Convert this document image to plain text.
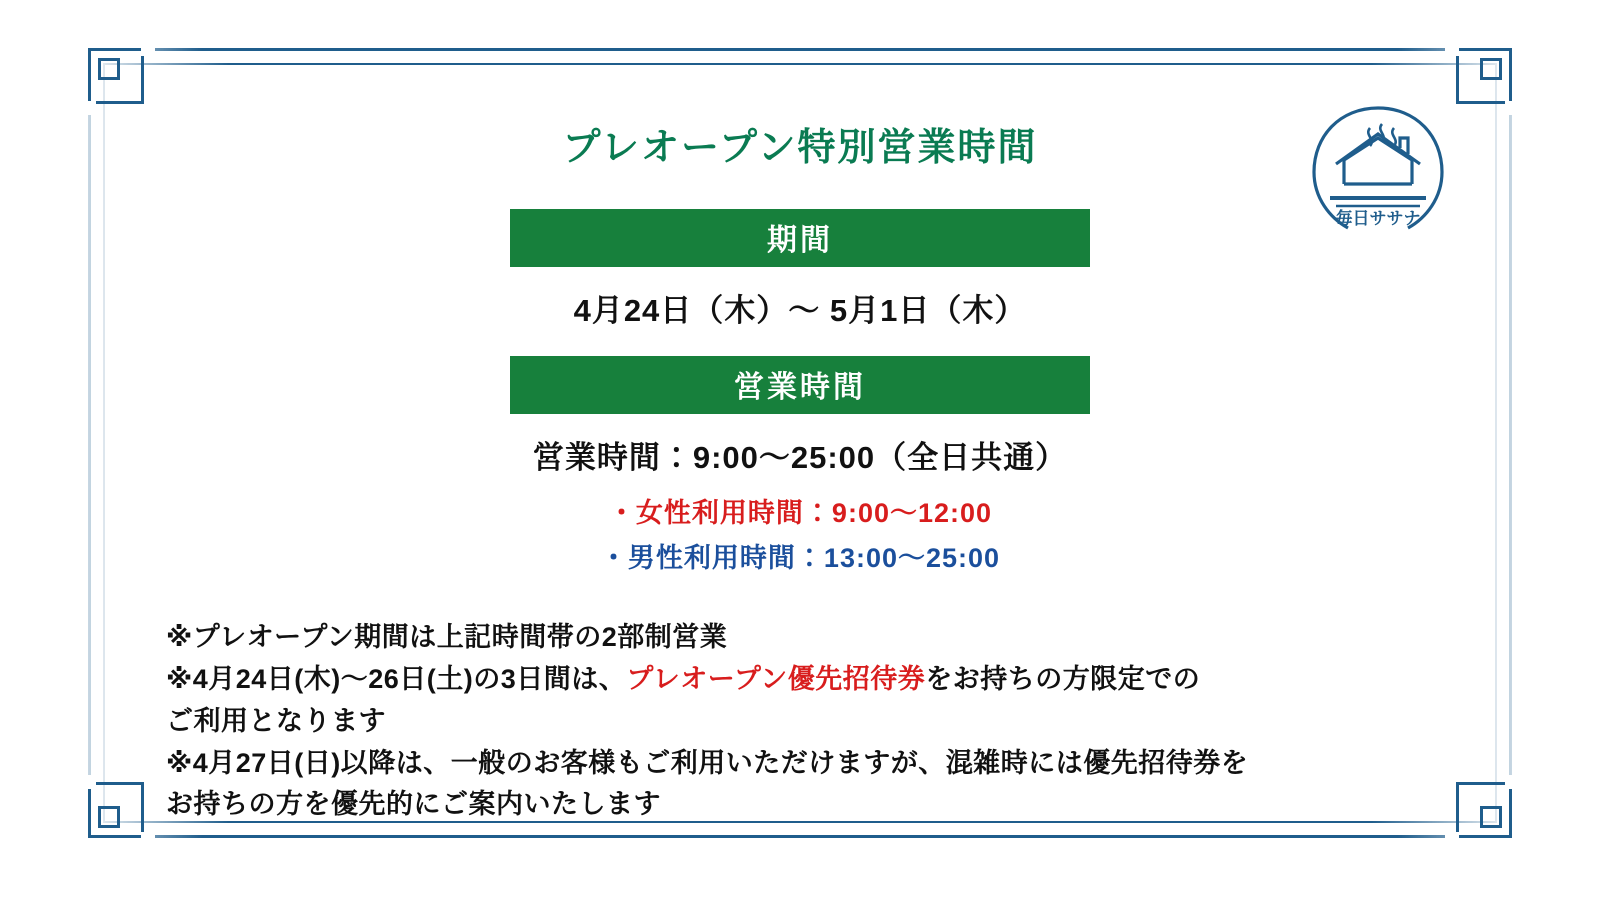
毎日ササナ
プレオープン特別営業時間
期間
4月24日（木）〜 5月1日（木）
営業時間
営業時間：9:00〜25:00（全日共通）
・女性利用時間：9:00〜12:00
・男性利用時間：13:00〜25:00
※プレオープン期間は上記時間帯の2部制営業
※4月24日(木)〜26日(土)の3日間は、プレオープン優先招待券をお持ちの方限定での
ご利用となります
※4月27日(日)以降は、一般のお客様もご利用いただけますが、混雑時には優先招待券を
お持ちの方を優先的にご案内いたします
